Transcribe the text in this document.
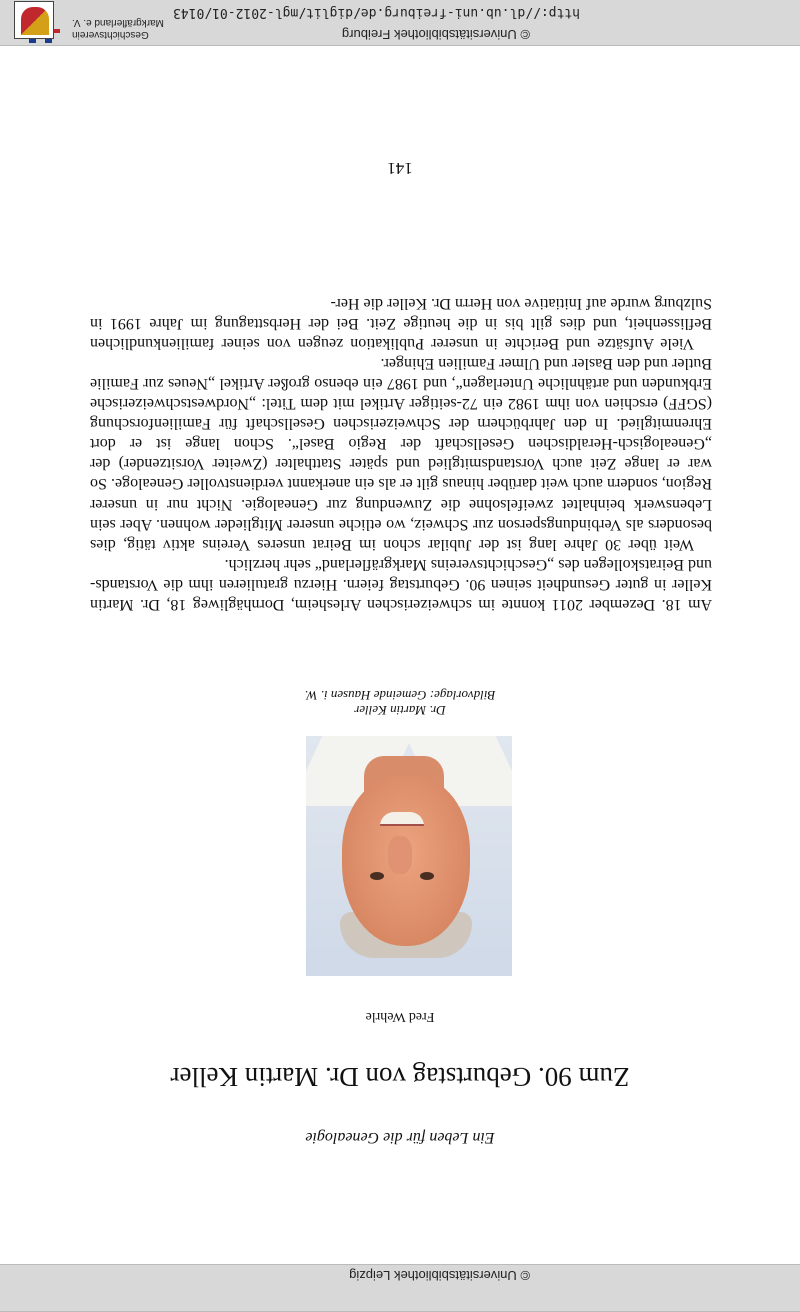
© Universitätsbibliothek Leipzig
Ein Leben für die Genealogie
Zum 90. Geburtstag von Dr. Martin Keller
Fred Wehrle
Dr. Martin Keller
Bildvorlage: Gemeinde Hausen i. W.

Am 18. Dezember 2011 konnte im schweizerischen Arlesheim, Dornhägliweg 18, Dr. Martin Keller in guter Gesundheit seinen 90. Geburtstag feiern. Hierzu gratulieren ihm die Vorstands- und Beiratskollegen des „Geschichtsvereins Markgräflerland“ sehr herzlich.

Weit über 30 Jahre lang ist der Jubilar schon im Beirat unseres Vereins aktiv tätig, dies besonders als Verbindungsperson zur Schweiz, wo etliche unserer Mitglieder wohnen. Aber sein Lebenswerk beinhaltet zweifelsohne die Zuwendung zur Genealogie. Nicht nur in unserer Region, sondern auch weit darüber hinaus gilt er als ein anerkannt verdienstvoller Genealoge. So war er lange Zeit auch Vorstandsmitglied und später Statthalter (Zweiter Vorsitzender) der „Genealogisch-Heraldischen Gesellschaft der Regio Basel“. Schon lange ist er dort Ehrenmitglied. In den Jahrbüchern der Schweizerischen Gesellschaft für Familienforschung (SGFF) erschien von ihm 1982 ein 72-seitiger Artikel mit dem Titel: „Nordwestschweizerische Erbkunden und artähnliche Unterlagen“, und 1987 ein ebenso großer Artikel „Neues zur Familie Butler und den Basler und Ulmer Familien Ehinger.

Viele Aufsätze und Berichte in unserer Publikation zeugen von seiner familienkundlichen Beflissenheit, und dies gilt bis in die heutige Zeit. Bei der Herbsttagung im Jahre 1991 in Sulzburg wurde auf Initiative von Herrn Dr. Keller die Her-

141
© Universitätsbibliothek Freiburg
http://dl.ub.uni-freiburg.de/diglit/mgl-2012-01/0143
Geschichtsverein
Markgräflerland e. V.
